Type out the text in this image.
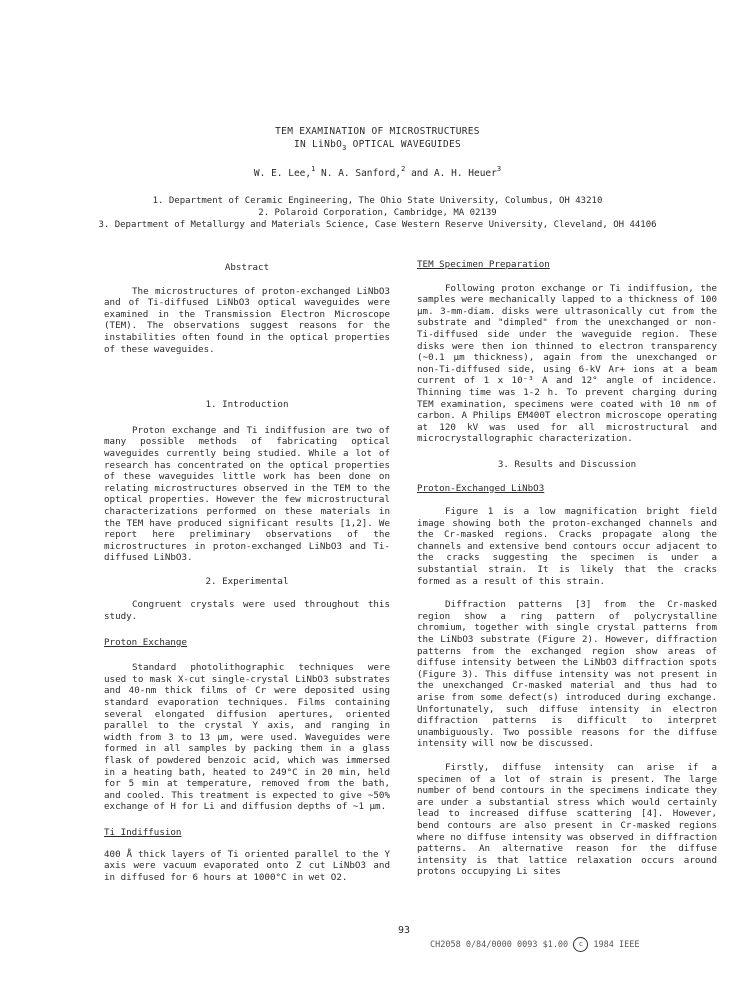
TEM EXAMINATION OF MICROSTRUCTURES
IN LiNbO$_3$ OPTICAL WAVEGUIDES
W. E. Lee,$^1$ N. A. Sanford,$^2$ and A. H. Heuer$^3$
1. Department of Ceramic Engineering, The Ohio State University, Columbus, OH 43210
2. Polaroid Corporation, Cambridge, MA 02139
3. Department of Metallurgy and Materials Science, Case Western Reserve University, Cleveland, OH 44106
Abstract

The microstructures of proton-exchanged LiNbO3 and of Ti-diffused LiNbO3 optical waveguides were examined in the Transmission Electron Microscope (TEM). The observations suggest reasons for the instabilities often found in the optical properties of these waveguides.

1. Introduction

Proton exchange and Ti indiffusion are two of many possible methods of fabricating optical waveguides currently being studied. While a lot of research has concentrated on the optical properties of these waveguides little work has been done on relating microstructures observed in the TEM to the optical properties. However the few microstructural characterizations performed on these materials in the TEM have produced significant results [1,2]. We report here preliminary observations of the microstructures in proton-exchanged LiNbO3 and Ti-diffused LiNbO3.

2. Experimental

Congruent crystals were used throughout this study.

Proton Exchange

Standard photolithographic techniques were used to mask X-cut single-crystal LiNbO3 substrates and 40-nm thick films of Cr were deposited using standard evaporation techniques. Films containing several elongated diffusion apertures, oriented parallel to the crystal Y axis, and ranging in width from 3 to 13 μm, were used. Waveguides were formed in all samples by packing them in a glass flask of powdered benzoic acid, which was immersed in a heating bath, heated to 249°C in 20 min, held for 5 min at temperature, removed from the bath, and cooled. This treatment is expected to give ~50% exchange of H for Li and diffusion depths of ~1 μm.

Ti Indiffusion

400 Å thick layers of Ti oriented parallel to the Y axis were vacuum evaporated onto Z cut LiNbO3 and in diffused for 6 hours at 1000°C in wet O2.

TEM Specimen Preparation

Following proton exchange or Ti indiffusion, the samples were mechanically lapped to a thickness of 100 μm. 3-mm-diam. disks were ultrasonically cut from the substrate and "dimpled" from the unexchanged or non-Ti-diffused side under the waveguide region. These disks were then ion thinned to electron transparency (~0.1 μm thickness), again from the unexchanged or non-Ti-diffused side, using 6-kV Ar+ ions at a beam current of 1 x 10⁻³ A and 12° angle of incidence. Thinning time was 1-2 h. To prevent charging during TEM examination, specimens were coated with 10 nm of carbon. A Philips EM400T electron microscope operating at 120 kV was used for all microstructural and microcrystallographic characterization.

3. Results and Discussion
Proton-Exchanged LiNbO3

Figure 1 is a low magnification bright field image showing both the proton-exchanged channels and the Cr-masked regions. Cracks propagate along the channels and extensive bend contours occur adjacent to the cracks suggesting the specimen is under a substantial strain. It is likely that the cracks formed as a result of this strain.

Diffraction patterns [3] from the Cr-masked region show a ring pattern of polycrystalline chromium, together with single crystal patterns from the LiNbO3 substrate (Figure 2). However, diffraction patterns from the exchanged region show areas of diffuse intensity between the LiNbO3 diffraction spots (Figure 3). This diffuse intensity was not present in the unexchanged Cr-masked material and thus had to arise from some defect(s) introduced during exchange. Unfortunately, such diffuse intensity in electron diffraction patterns is difficult to interpret unambiguously. Two possible reasons for the diffuse intensity will now be discussed.

Firstly, diffuse intensity can arise if a specimen of a lot of strain is present. The large number of bend contours in the specimens indicate they are under a substantial stress which would certainly lead to increased diffuse scattering [4]. However, bend contours are also present in Cr-masked regions where no diffuse intensity was observed in diffraction patterns. An alternative reason for the diffuse intensity is that lattice relaxation occurs around protons occupying Li sites

93
CH2058 0/84/0000 0093 $1.00 c 1984 IEEE
